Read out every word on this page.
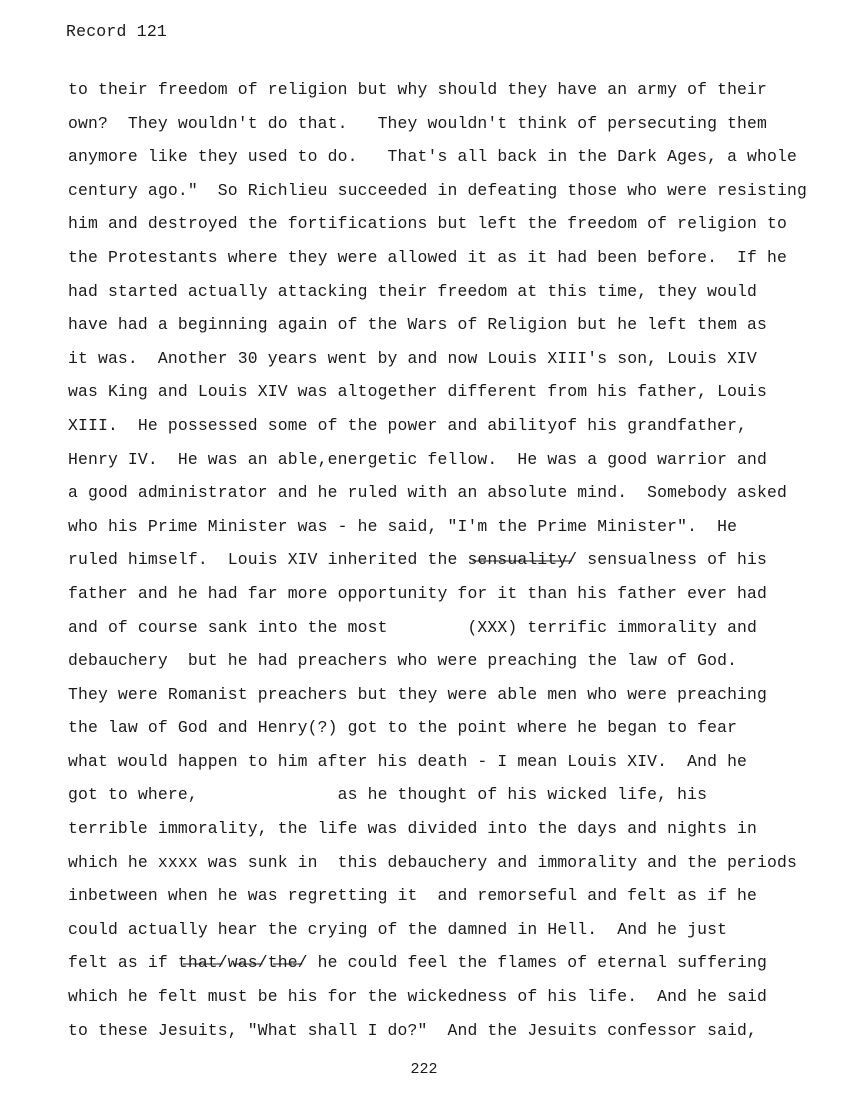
Record 121
to their freedom of religion but why should they have an army of their
own?  They wouldn't do that.   They wouldn't think of persecuting them
anymore like they used to do.   That's all back in the Dark Ages, a whole
century ago."  So Richlieu succeeded in defeating those who were resisting
him and destroyed the fortifications but left the freedom of religion to
the Protestants where they were allowed it as it had been before.  If he
had started actually attacking their freedom at this time, they would
have had a beginning again of the Wars of Religion but he left them as
it was.  Another 30 years went by and now Louis XIII's son, Louis XIV
was King and Louis XIV was altogether different from his father, Louis
XIII.  He possessed some of the power and abilityof his grandfather,
Henry IV.  He was an able,energetic fellow.  He was a good warrior and
a good administrator and he ruled with an absolute mind.  Somebody asked
who his Prime Minister was - he said, "I'm the Prime Minister".  He
ruled himself.  Louis XIV inherited the s̶e̶n̶s̶u̶a̶l̶i̶t̶y̶/ sensualness of his
father and he had far more opportunity for it than his father ever had
and of course sank into the most        (XXX) terrific immorality and
debauchery  but he had preachers who were preaching the law of God.
They were Romanist preachers but they were able men who were preaching
the law of God and Henry(?) got to the point where he began to fear
what would happen to him after his death - I mean Louis XIV.  And he
got to where,              as he thought of his wicked life, his
terrible immorality, the life was divided into the days and nights in
which he xxxx was sunk in  this debauchery and immorality and the periods
inbetween when he was regretting it  and remorseful and felt as if he
could actually hear the crying of the damned in Hell.  And he just
felt as if t̶h̶a̶t̶/w̶a̶s̶/t̶h̶e̶/ he could feel the flames of eternal suffering
which he felt must be his for the wickedness of his life.  And he said
to these Jesuits, "What shall I do?"  And the Jesuits confessor said,
222
